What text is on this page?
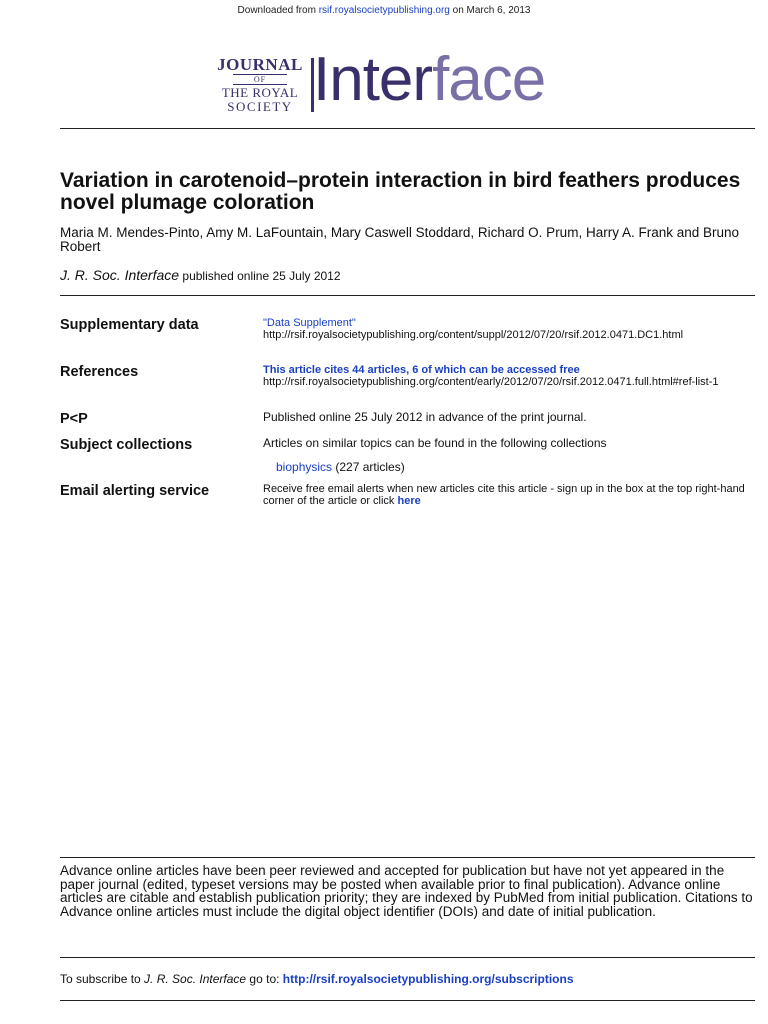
Downloaded from rsif.royalsocietypublishing.org on March 6, 2013
JOURNAL
OF
THE ROYAL
SOCIETY Interface
Variation in carotenoid–protein interaction in bird feathers produces novel plumage coloration
Maria M. Mendes-Pinto, Amy M. LaFountain, Mary Caswell Stoddard, Richard O. Prum, Harry A. Frank and Bruno Robert
J. R. Soc. Interface published online 25 July 2012
Supplementary data	"Data Supplement"
http://rsif.royalsocietypublishing.org/content/suppl/2012/07/20/rsif.2012.0471.DC1.html
References	This article cites 44 articles, 6 of which can be accessed free
http://rsif.royalsocietypublishing.org/content/early/2012/07/20/rsif.2012.0471.full.html#ref-list-1
P<P	Published online 25 July 2012 in advance of the print journal.
Subject collections	Articles on similar topics can be found in the following collections
biophysics (227 articles)
Email alerting service	Receive free email alerts when new articles cite this article - sign up in the box at the top right-hand corner of the article or click here
Advance online articles have been peer reviewed and accepted for publication but have not yet appeared in the paper journal (edited, typeset versions may be posted when available prior to final publication). Advance online articles are citable and establish publication priority; they are indexed by PubMed from initial publication. Citations to Advance online articles must include the digital object identifier (DOIs) and date of initial publication.
To subscribe to J. R. Soc. Interface go to: http://rsif.royalsocietypublishing.org/subscriptions
